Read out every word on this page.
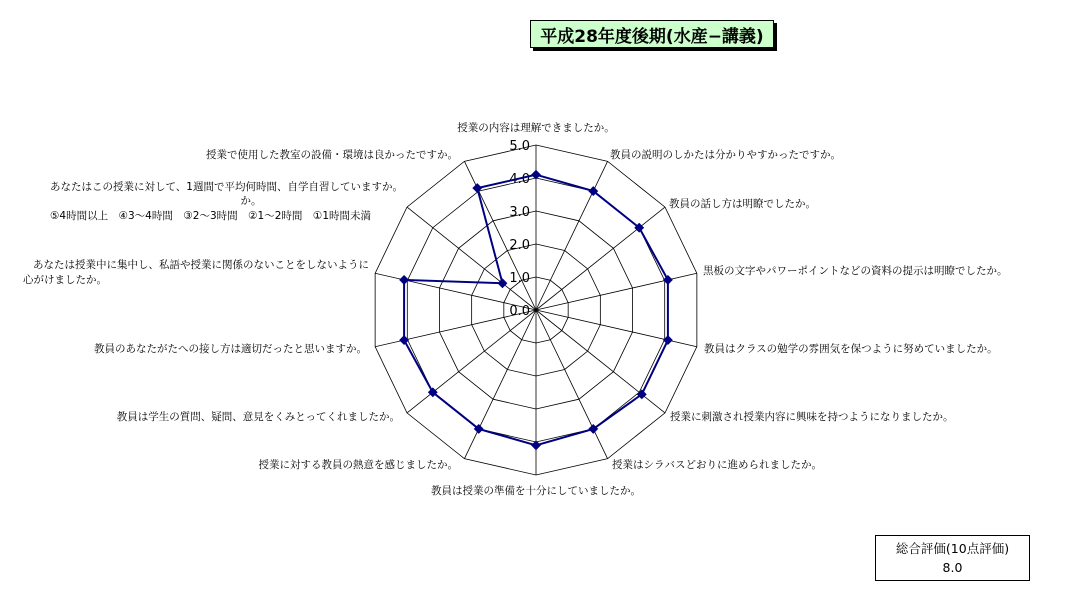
平成28年度後期(水産−講義)
0.0
1.0
2.0
3.0
4.0
5.0
授業の内容は理解できましたか。
教員の説明のしかたは分かりやすかったですか。
教員の話し方は明瞭でしたか。
黒板の文字やパワーポイントなどの資料の提示は明瞭でしたか。
教員はクラスの勉学の雰囲気を保つように努めていましたか。
授業に刺激され授業内容に興味を持つようになりましたか。
授業はシラバスどおりに進められましたか。
教員は授業の準備を十分にしていましたか。
授業に対する教員の熱意を感じましたか。
教員は学生の質問、疑問、意見をくみとってくれましたか。
教員のあなたがたへの接し方は適切だったと思いますか。
あなたは授業中に集中し、私語や授業に関係のないことをしないように
心がけましたか。
あなたはこの授業に対して、1週間で平均何時間、自学自習していますか。
か。
⑤4時間以上　④3〜4時間　③2〜3時間　②1〜2時間　①1時間未満
授業で使用した教室の設備・環境は良かったですか。
総合評価(10点評価)
8.0
